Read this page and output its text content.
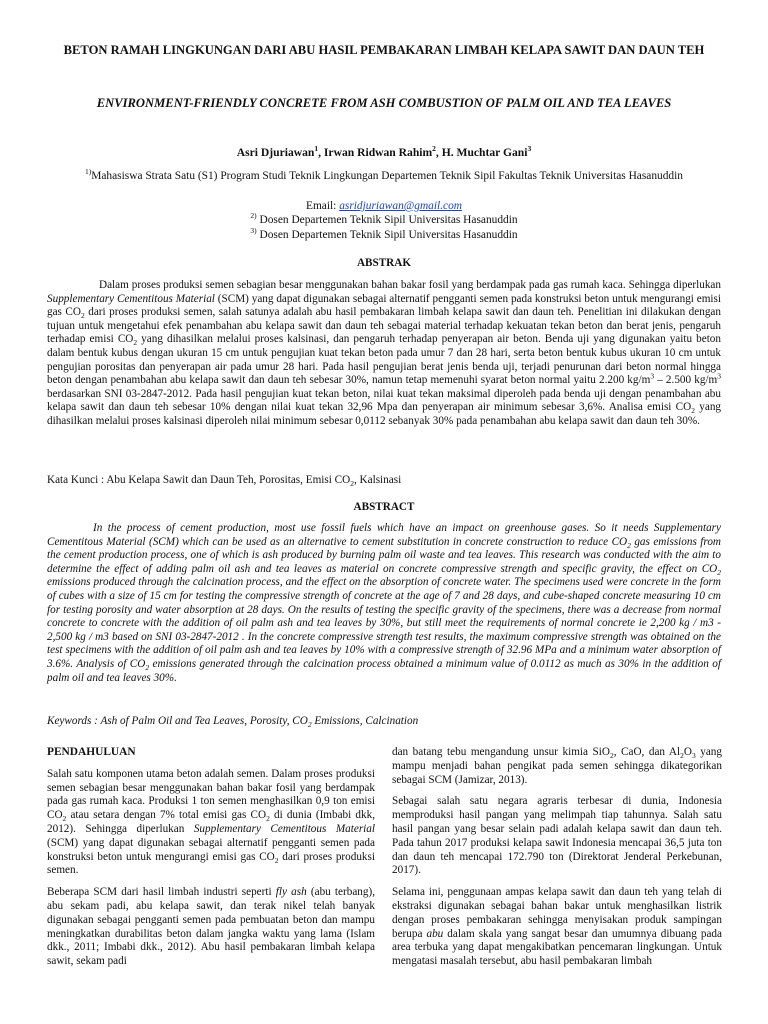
BETON RAMAH LINGKUNGAN DARI ABU HASIL PEMBAKARAN LIMBAH KELAPA SAWIT DAN DAUN TEH
ENVIRONMENT-FRIENDLY CONCRETE FROM ASH COMBUSTION OF PALM OIL AND TEA LEAVES
Asri Djuriawan$^1$, Irwan Ridwan Rahim$^2$, H. Muchtar Gani$^3$
$^{1)}$Mahasiswa Strata Satu (S1) Program Studi Teknik Lingkungan Departemen Teknik Sipil Fakultas Teknik Universitas Hasanuddin
Email: asridjuriawan@gmail.com
$^{2)}$ Dosen Departemen Teknik Sipil Universitas Hasanuddin
$^{3)}$ Dosen Departemen Teknik Sipil Universitas Hasanuddin
ABSTRAK
Dalam proses produksi semen sebagian besar menggunakan bahan bakar fosil yang berdampak pada gas rumah kaca. Sehingga diperlukan Supplementary Cementitous Material (SCM) yang dapat digunakan sebagai alternatif pengganti semen pada konstruksi beton untuk mengurangi emisi gas $CO_2$ dari proses produksi semen, salah satunya adalah abu hasil pembakaran limbah kelapa sawit dan daun teh. Penelitian ini dilakukan dengan tujuan untuk mengetahui efek penambahan abu kelapa sawit dan daun teh sebagai material terhadap kekuatan tekan beton dan berat jenis, pengaruh terhadap emisi $CO_2$ yang dihasilkan melalui proses kalsinasi, dan pengaruh terhadap penyerapan air beton. Benda uji yang digunakan yaitu beton dalam bentuk kubus dengan ukuran 15 cm untuk pengujian kuat tekan beton pada umur 7 dan 28 hari, serta beton bentuk kubus ukuran 10 cm untuk pengujian porositas dan penyerapan air pada umur 28 hari. Pada hasil pengujian berat jenis benda uji, terjadi penurunan dari beton normal hingga beton dengan penambahan abu kelapa sawit dan daun teh sebesar 30%, namun tetap memenuhi syarat beton normal yaitu 2.200 $kg/m^3 - 2.500$ $kg/m^3$ berdasarkan SNI 03-2847-2012. Pada hasil pengujian kuat tekan beton, nilai kuat tekan maksimal diperoleh pada benda uji dengan penambahan abu kelapa sawit dan daun teh sebesar 10% dengan nilai kuat tekan 32,96 Mpa dan penyerapan air minimum sebesar 3,6%. Analisa emisi $CO_2$ yang dihasilkan melalui proses kalsinasi diperoleh nilai minimum sebesar 0,0112 sebanyak 30% pada penambahan abu kelapa sawit dan daun teh 30%.
Kata Kunci : Abu Kelapa Sawit dan Daun Teh, Porositas, Emisi $CO_2$, Kalsinasi
ABSTRACT
In the process of cement production, most use fossil fuels which have an impact on greenhouse gases. So it needs Supplementary Cementitous Material (SCM) which can be used as an alternative to cement substitution in concrete construction to reduce $CO_2$ gas emissions from the cement production process, one of which is ash produced by burning palm oil waste and tea leaves. This research was conducted with the aim to determine the effect of adding palm oil ash and tea leaves as material on concrete compressive strength and specific gravity, the effect on $CO_2$ emissions produced through the calcination process, and the effect on the absorption of concrete water. The specimens used were concrete in the form of cubes with a size of 15 cm for testing the compressive strength of concrete at the age of 7 and 28 days, and cube-shaped concrete measuring 10 cm for testing porosity and water absorption at 28 days. On the results of testing the specific gravity of the specimens, there was a decrease from normal concrete to concrete with the addition of oil palm ash and tea leaves by 30%, but still meet the requirements of normal concrete ie 2,200 kg / m3 - 2,500 kg / m3 based on SNI 03-2847-2012 . In the concrete compressive strength test results, the maximum compressive strength was obtained on the test specimens with the addition of oil palm ash and tea leaves by 10% with a compressive strength of 32.96 MPa and a minimum water absorption of 3.6%. Analysis of $CO_2$ emissions generated through the calcination process obtained a minimum value of 0.0112 as much as 30% in the addition of palm oil and tea leaves 30%.
Keywords : Ash of Palm Oil and Tea Leaves, Porosity, $CO_2$ Emissions, Calcination
PENDAHULUAN

Salah satu komponen utama beton adalah semen. Dalam proses produksi semen sebagian besar menggunakan bahan bakar fosil yang berdampak pada gas rumah kaca. Produksi 1 ton semen menghasilkan 0,9 ton emisi $CO_2$ atau setara dengan 7% total emisi gas $CO_2$ di dunia (Imbabi dkk, 2012). Sehingga diperlukan Supplementary Cementitous Material (SCM) yang dapat digunakan sebagai alternatif pengganti semen pada konstruksi beton untuk mengurangi emisi gas $CO_2$ dari proses produksi semen.

Beberapa SCM dari hasil limbah industri seperti fly ash (abu terbang), abu sekam padi, abu kelapa sawit, dan terak nikel telah banyak digunakan sebagai pengganti semen pada pembuatan beton dan mampu meningkatkan durabilitas beton dalam jangka waktu yang lama (Islam dkk., 2011; Imbabi dkk., 2012). Abu hasil pembakaran limbah kelapa sawit, sekam padi

dan batang tebu mengandung unsur kimia SiO$_2$, CaO, dan $Al_2O_3$ yang mampu menjadi bahan pengikat pada semen sehingga dikategorikan sebagai SCM (Jamizar, 2013).

Sebagai salah satu negara agraris terbesar di dunia, Indonesia memproduksi hasil pangan yang melimpah tiap tahunnya. Salah satu hasil pangan yang besar selain padi adalah kelapa sawit dan daun teh. Pada tahun 2017 produksi kelapa sawit Indonesia mencapai 36,5 juta ton dan daun teh mencapai 172.790 ton (Direktorat Jenderal Perkebunan, 2017).

Selama ini, penggunaan ampas kelapa sawit dan daun teh yang telah di ekstraksi digunakan sebagai bahan bakar untuk menghasilkan listrik dengan proses pembakaran sehingga menyisakan produk sampingan berupa abu dalam skala yang sangat besar dan umumnya dibuang pada area terbuka yang dapat mengakibatkan pencemaran lingkungan. Untuk mengatasi masalah tersebut, abu hasil pembakaran limbah
